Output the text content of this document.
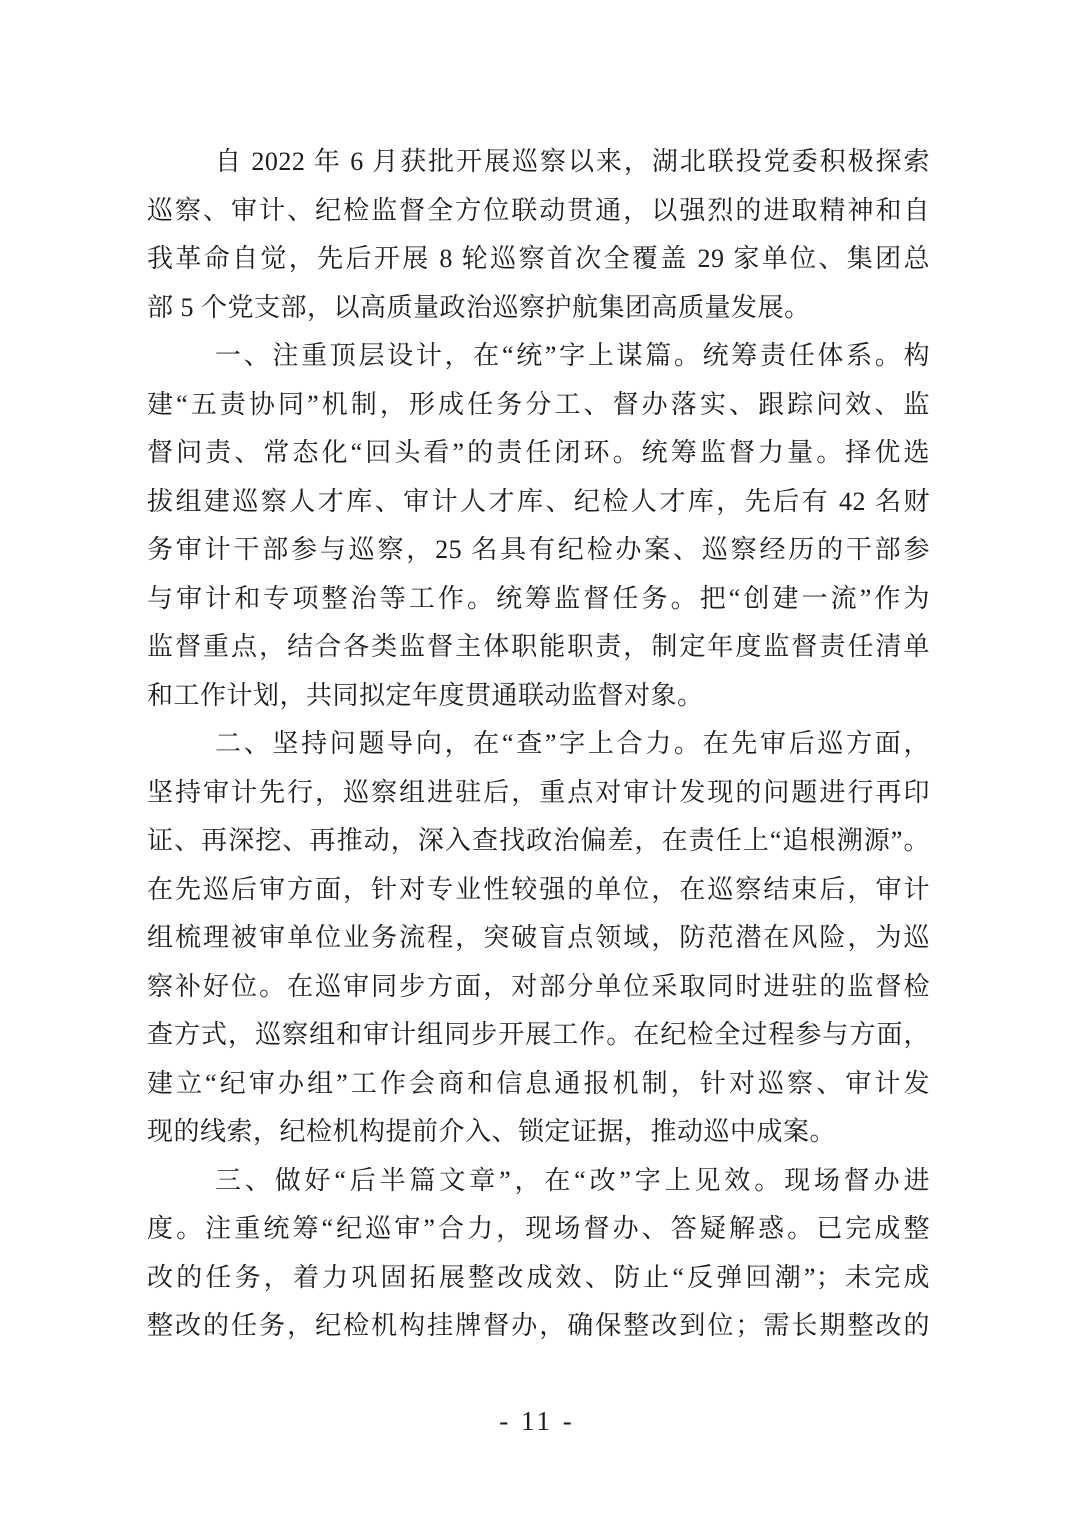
自 2022 年 6 月获批开展巡察以来，湖北联投党委积极探索
巡察、审计、纪检监督全方位联动贯通，以强烈的进取精神和自
我革命自觉，先后开展 8 轮巡察首次全覆盖 29 家单位、集团总
部 5 个党支部，以高质量政治巡察护航集团高质量发展。

一、注重顶层设计，在“统”字上谋篇。统筹责任体系。构
建“五责协同”机制，形成任务分工、督办落实、跟踪问效、监
督问责、常态化“回头看”的责任闭环。统筹监督力量。择优选
拔组建巡察人才库、审计人才库、纪检人才库，先后有 42 名财
务审计干部参与巡察，25 名具有纪检办案、巡察经历的干部参
与审计和专项整治等工作。统筹监督任务。把“创建一流”作为
监督重点，结合各类监督主体职能职责，制定年度监督责任清单
和工作计划，共同拟定年度贯通联动监督对象。

二、坚持问题导向，在“查”字上合力。在先审后巡方面，
坚持审计先行，巡察组进驻后，重点对审计发现的问题进行再印
证、再深挖、再推动，深入查找政治偏差，在责任上“追根溯源”。
在先巡后审方面，针对专业性较强的单位，在巡察结束后，审计
组梳理被审单位业务流程，突破盲点领域，防范潜在风险，为巡
察补好位。在巡审同步方面，对部分单位采取同时进驻的监督检
查方式，巡察组和审计组同步开展工作。在纪检全过程参与方面，
建立“纪审办组”工作会商和信息通报机制，针对巡察、审计发
现的线索，纪检机构提前介入、锁定证据，推动巡中成案。

三、做好“后半篇文章”，在“改”字上见效。现场督办进
度。注重统筹“纪巡审”合力，现场督办、答疑解惑。已完成整
改的任务，着力巩固拓展整改成效、防止“反弹回潮”；未完成
整改的任务，纪检机构挂牌督办，确保整改到位；需长期整改的

- 11 -
